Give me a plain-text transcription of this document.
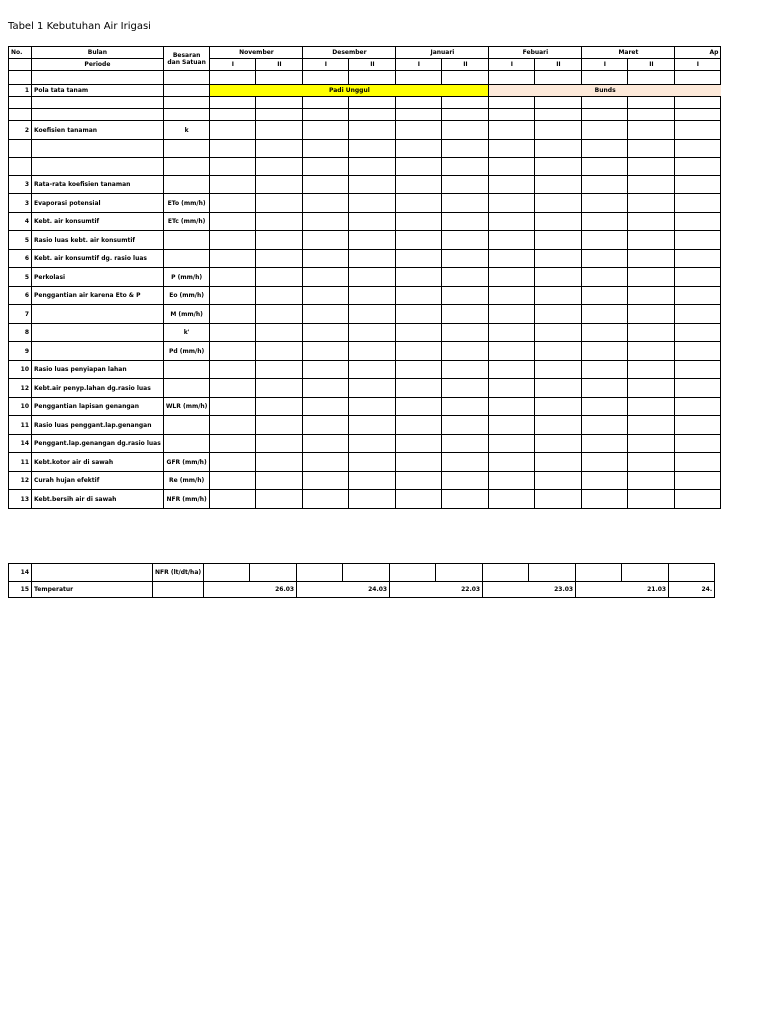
Tabel 1 Kebutuhan Air Irigasi
No.	Bulan	Besaran dan Satuan	November		Desember		Januari		Febuari		Maret		Ap
	Periode		I	II	I	II	I	II	I	II	I	II	I

1	Pola tata tanam		Padi Unggul						Bunds				

2	Koefisien tanaman	k											

3	Rata-rata koefisien tanaman												
3	Evaporasi potensial	ETo (mm/h)											
4	Kebt. air konsumtif	ETc (mm/h)											
5	Rasio luas kebt. air konsumtif												
6	Kebt. air konsumtif dg. rasio luas												
5	Perkolasi	P (mm/h)											
6	Penggantian air karena Eto & P	Eo (mm/h)											
7		M (mm/h)											
8		k'											
9		Pd (mm/h)											
10	Rasio luas penyiapan lahan												
12	Kebt.air penyp.lahan dg.rasio luas												
10	Penggantian lapisan genangan	WLR (mm/h)											
11	Rasio luas penggant.lap.genangan												
14	Penggant.lap.genangan dg.rasio luas												
11	Kebt.kotor air di sawah	GFR (mm/h)											
12	Curah hujan efektif	Re (mm/h)											
13	Kebt.bersih air di sawah	NFR (mm/h)											
14		NFR (lt/dt/ha)											
15	Temperatur		26.03		24.03		22.03		23.03		21.03		24.
